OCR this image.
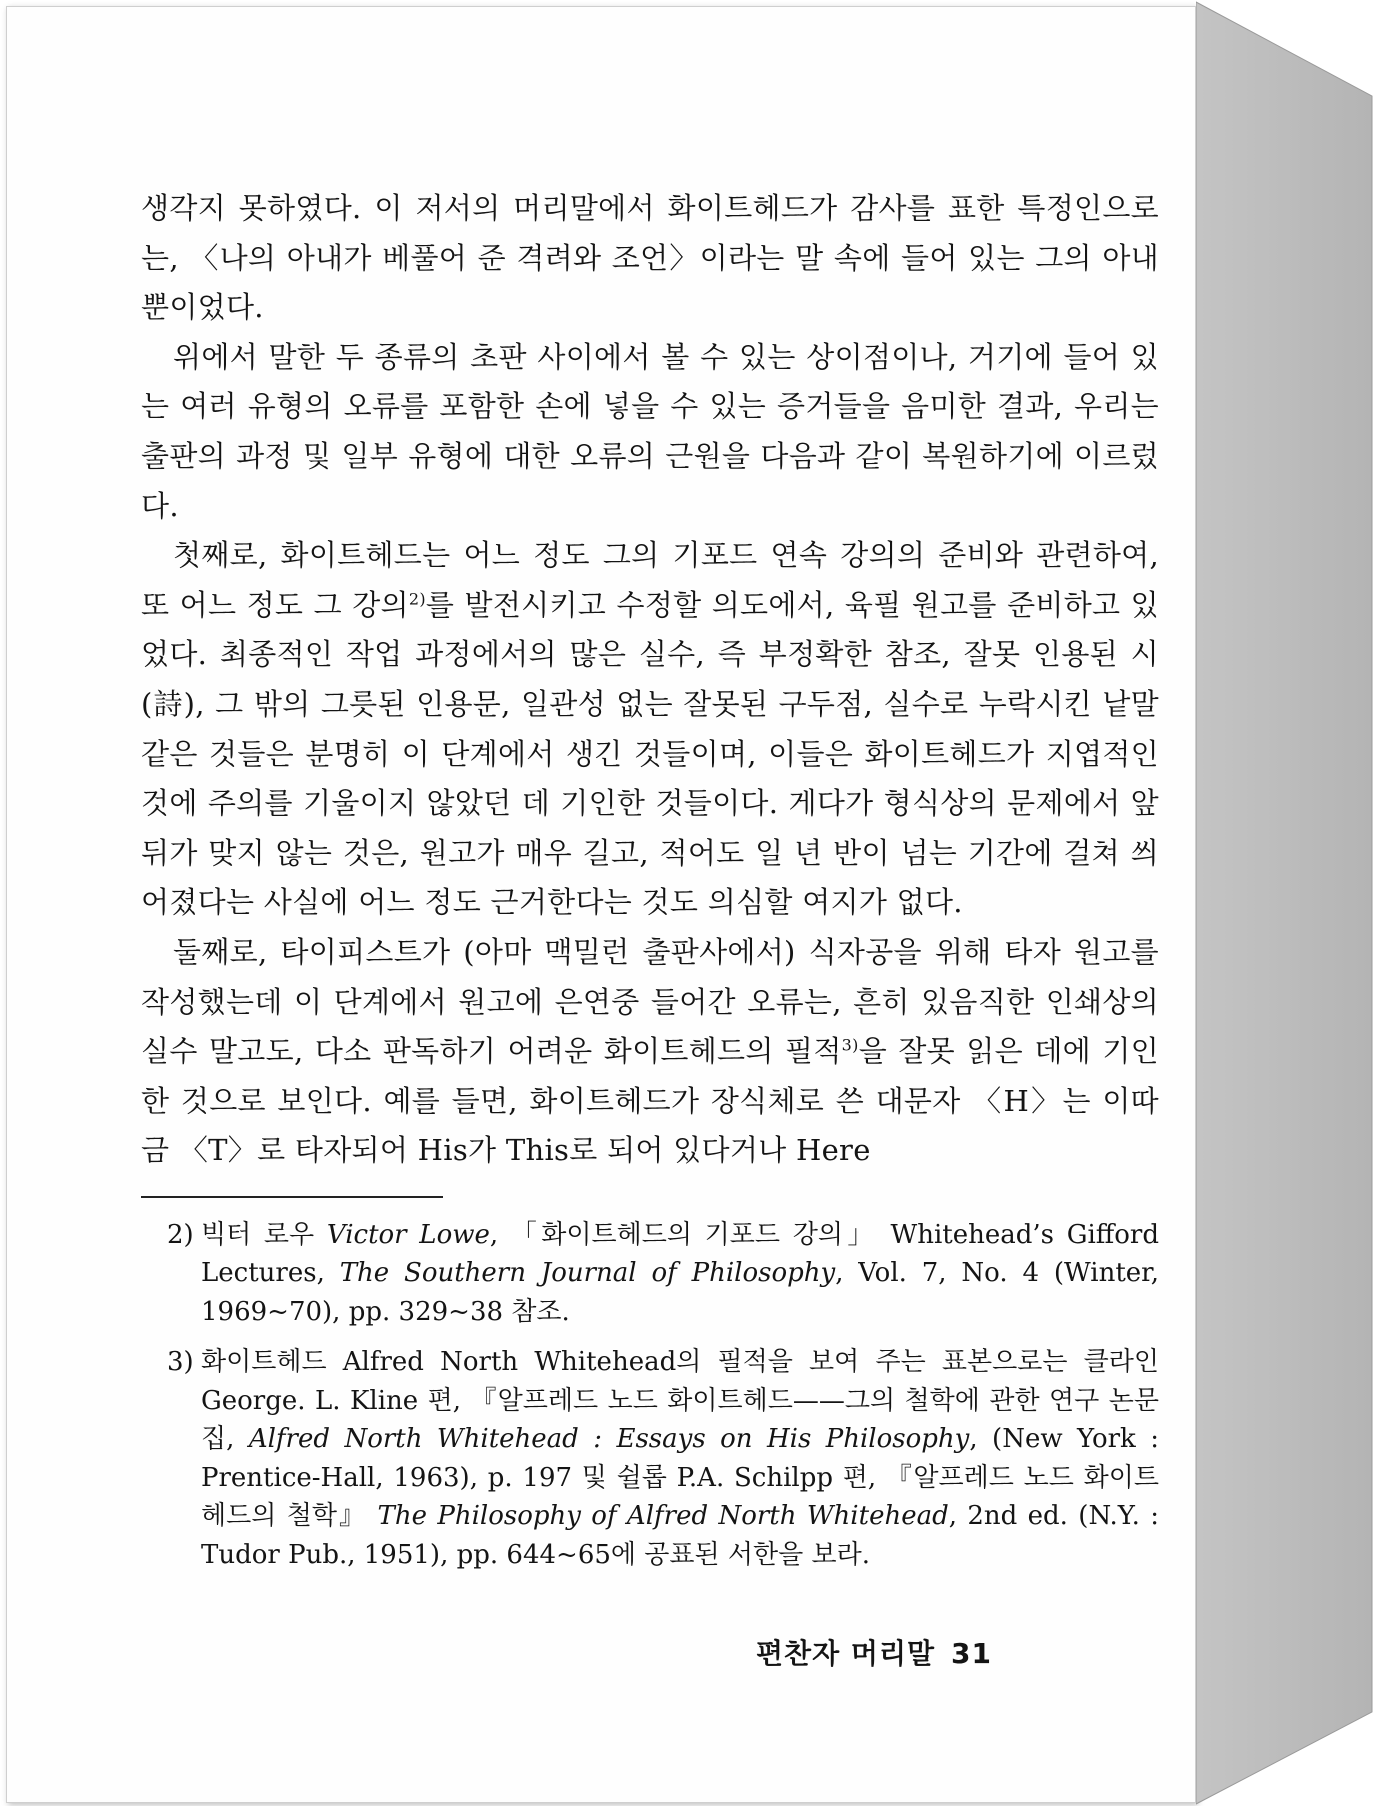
생각지 못하였다. 이 저서의 머리말에서 화이트헤드가 감사를 표한 특정인으로는, 〈나의 아내가 베풀어 준 격려와 조언〉이라는 말 속에 들어 있는 그의 아내뿐이었다.

위에서 말한 두 종류의 초판 사이에서 볼 수 있는 상이점이나, 거기에 들어 있는 여러 유형의 오류를 포함한 손에 넣을 수 있는 증거들을 음미한 결과, 우리는 출판의 과정 및 일부 유형에 대한 오류의 근원을 다음과 같이 복원하기에 이르렀다.

첫째로, 화이트헤드는 어느 정도 그의 기포드 연속 강의의 준비와 관련하여, 또 어느 정도 그 강의$^{2)}$를 발전시키고 수정할 의도에서, 육필 원고를 준비하고 있었다. 최종적인 작업 과정에서의 많은 실수, 즉 부정확한 참조, 잘못 인용된 시(詩), 그 밖의 그릇된 인용문, 일관성 없는 잘못된 구두점, 실수로 누락시킨 낱말 같은 것들은 분명히 이 단계에서 생긴 것들이며, 이들은 화이트헤드가 지엽적인 것에 주의를 기울이지 않았던 데 기인한 것들이다. 게다가 형식상의 문제에서 앞뒤가 맞지 않는 것은, 원고가 매우 길고, 적어도 일 년 반이 넘는 기간에 걸쳐 씌어졌다는 사실에 어느 정도 근거한다는 것도 의심할 여지가 없다.

둘째로, 타이피스트가 (아마 맥밀런 출판사에서) 식자공을 위해 타자 원고를 작성했는데 이 단계에서 원고에 은연중 들어간 오류는, 흔히 있음직한 인쇄상의 실수 말고도, 다소 판독하기 어려운 화이트헤드의 필적$^{3)}$을 잘못 읽은 데에 기인한 것으로 보인다. 예를 들면, 화이트헤드가 장식체로 쓴 대문자 〈H〉는 이따금 〈T〉로 타자되어 His가 This로 되어 있다거나 Here

2) 빅터 로우 Victor Lowe, 「화이트헤드의 기포드 강의」 Whitehead’s Gifford Lectures, The Southern Journal of Philosophy, Vol. 7, No. 4 (Winter, 1969~70), pp. 329~38 참조.
3) 화이트헤드 Alfred North Whitehead의 필적을 보여 주는 표본으로는 클라인 George. L. Kline 편, 『알프레드 노드 화이트헤드——그의 철학에 관한 연구 논문집, Alfred North Whitehead : Essays on His Philosophy, (New York : Prentice-Hall, 1963), p. 197 및 쉴롭 P.A. Schilpp 편, 『알프레드 노드 화이트헤드의 철학』 The Philosophy of Alfred North Whitehead, 2nd ed. (N.Y. : Tudor Pub., 1951), pp. 644~65에 공표된 서한을 보라.
편찬자 머리말 31
